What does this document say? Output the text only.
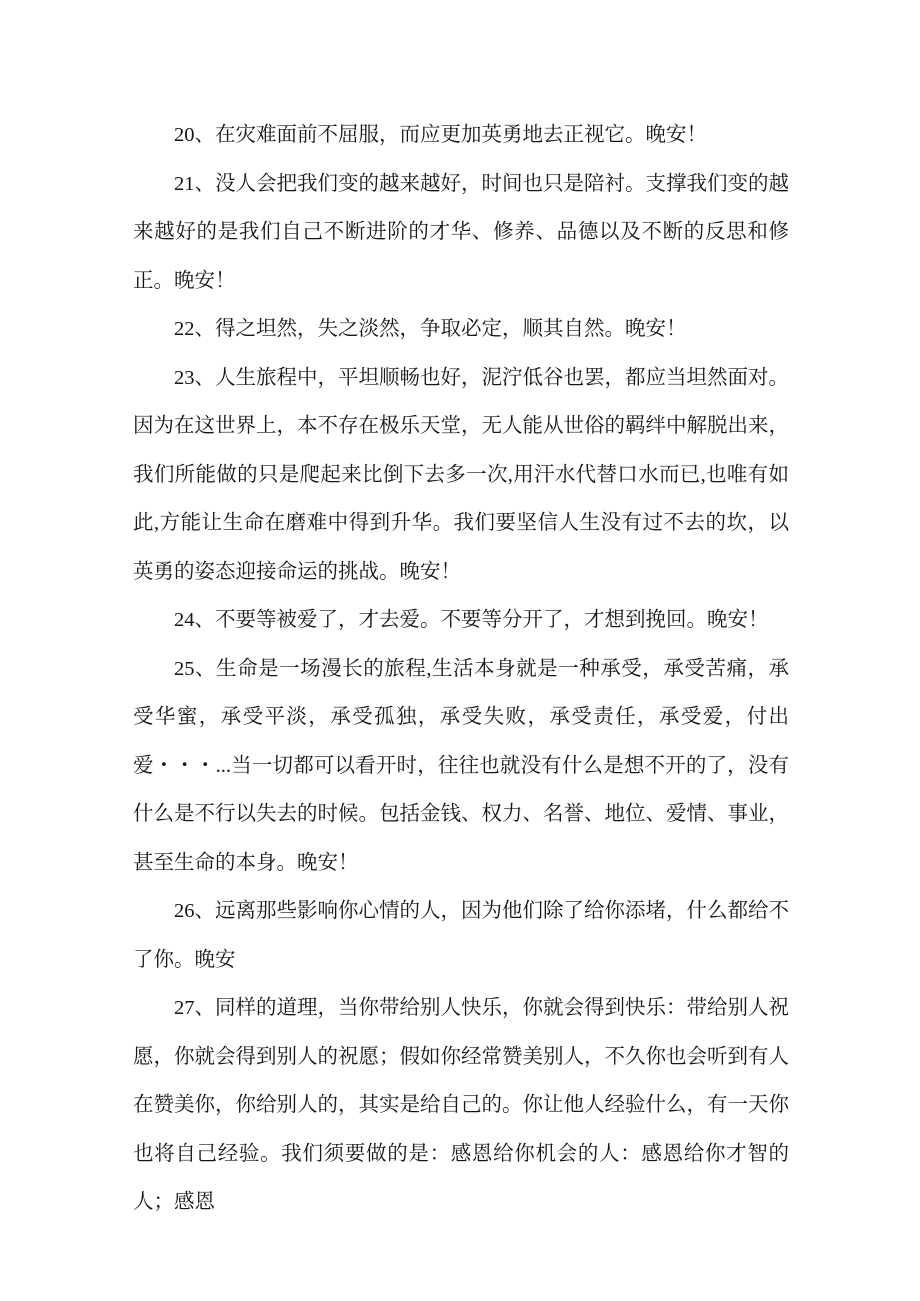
20、在灾难面前不屈服，而应更加英勇地去正视它。晚安！

21、没人会把我们变的越来越好，时间也只是陪衬。支撑我们变的越来越好的是我们自己不断进阶的才华、修养、品德以及不断的反思和修正。晚安！

22、得之坦然，失之淡然，争取必定，顺其自然。晚安！

23、人生旅程中，平坦顺畅也好，泥泞低谷也罢，都应当坦然面对。因为在这世界上，本不存在极乐天堂，无人能从世俗的羁绊中解脱出来，我们所能做的只是爬起来比倒下去多一次,用汗水代替口水而已,也唯有如此,方能让生命在磨难中得到升华。我们要坚信人生没有过不去的坎，以英勇的姿态迎接命运的挑战。晚安！

24、不要等被爱了，才去爱。不要等分开了，才想到挽回。晚安！

25、生命是一场漫长的旅程,生活本身就是一种承受，承受苦痛，承受华蜜，承受平淡，承受孤独，承受失败，承受责任，承受爱，付出爱・・・...当一切都可以看开时，往往也就没有什么是想不开的了，没有什么是不行以失去的时候。包括金钱、权力、名誉、地位、爱情、事业，甚至生命的本身。晚安！

26、远离那些影响你心情的人，因为他们除了给你添堵，什么都给不了你。晚安

27、同样的道理，当你带给别人快乐，你就会得到快乐：带给别人祝愿，你就会得到别人的祝愿；假如你经常赞美别人，不久你也会听到有人在赞美你，你给别人的，其实是给自己的。你让他人经验什么，有一天你也将自己经验。我们须要做的是：感恩给你机会的人：感恩给你才智的人；感恩
